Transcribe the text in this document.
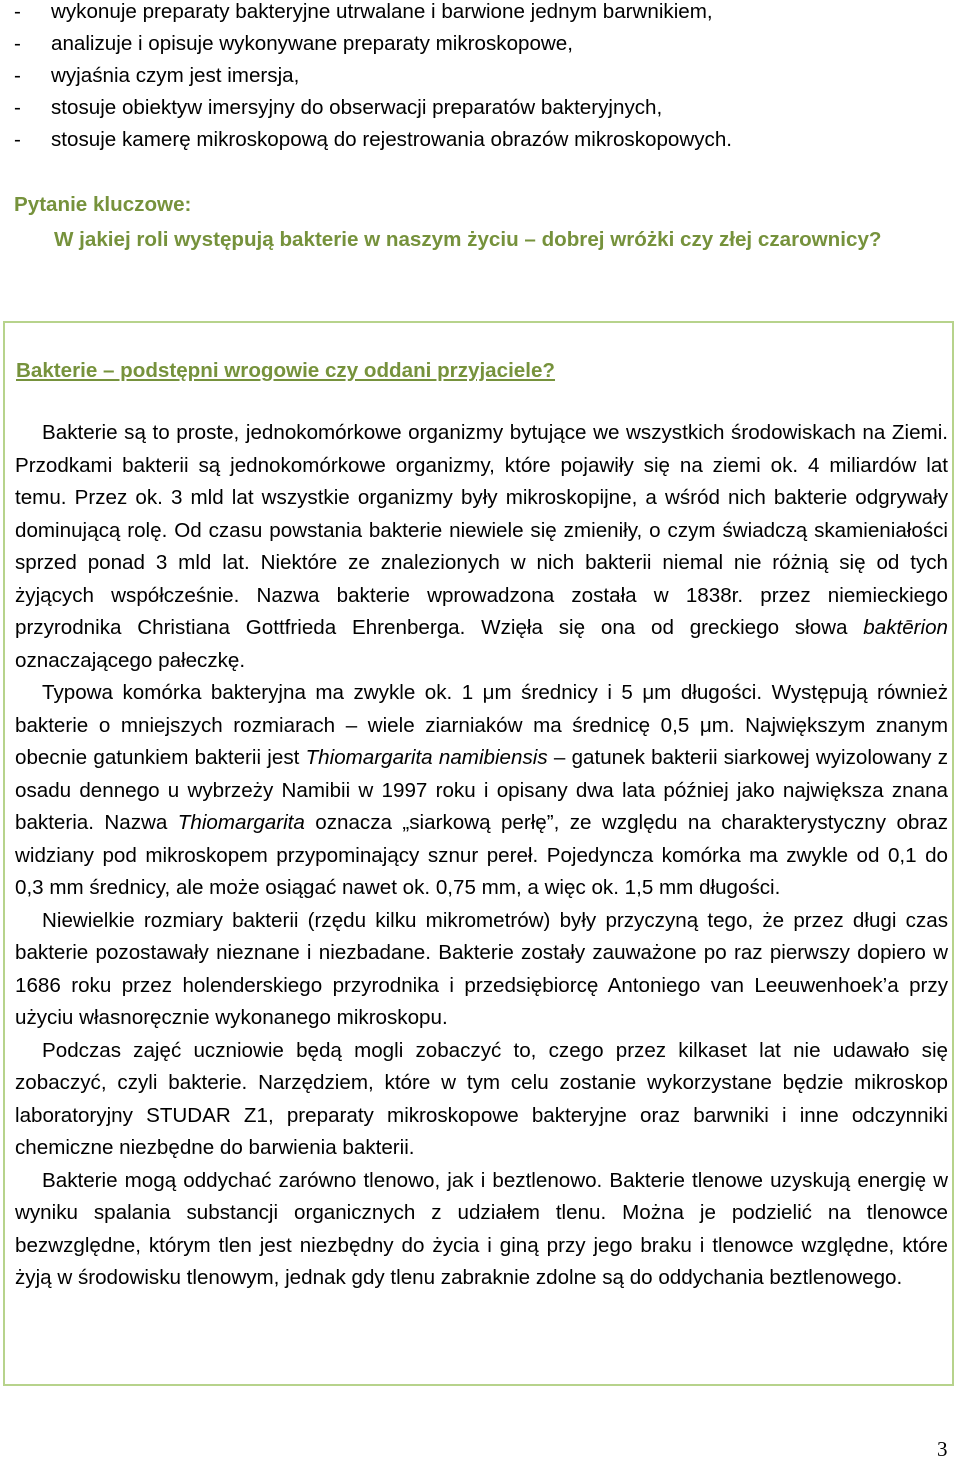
- wykonuje preparaty bakteryjne utrwalane i barwione jednym barwnikiem,
- analizuje i opisuje wykonywane preparaty mikroskopowe,
- wyjaśnia czym jest imersja,
- stosuje obiektyw imersyjny do obserwacji preparatów bakteryjnych,
- stosuje kamerę mikroskopową do rejestrowania obrazów mikroskopowych.
Pytanie kluczowe:

W jakiej roli występują bakterie w naszym życiu – dobrej wróżki czy złej czarownicy?

Bakterie – podstępni wrogowie czy oddani przyjaciele?

Bakterie są to proste, jednokomórkowe organizmy bytujące we wszystkich środowiskach na Ziemi. Przodkami bakterii są jednokomórkowe organizmy, które pojawiły się na ziemi ok. 4 miliardów lat temu. Przez ok. 3 mld lat wszystkie organizmy były mikroskopijne, a wśród nich bakterie odgrywały dominującą rolę. Od czasu powstania bakterie niewiele się zmieniły, o czym świadczą skamieniałości sprzed ponad 3 mld lat. Niektóre ze znalezionych w nich bakterii niemal nie różnią się od tych żyjących współcześnie. Nazwa bakterie wprowadzona została w 1838r. przez niemieckiego przyrodnika Christiana Gottfrieda Ehrenberga. Wzięła się ona od greckiego słowa baktērion oznaczającego pałeczkę.

Typowa komórka bakteryjna ma zwykle ok. 1 μm średnicy i 5 μm długości. Występują również bakterie o mniejszych rozmiarach – wiele ziarniaków ma średnicę 0,5 μm. Największym znanym obecnie gatunkiem bakterii jest Thiomargarita namibiensis – gatunek bakterii siarkowej wyizolowany z osadu dennego u wybrzeży Namibii w 1997 roku i opisany dwa lata później jako największa znana bakteria. Nazwa Thiomargarita oznacza „siarkową perłę”, ze względu na charakterystyczny obraz widziany pod mikroskopem przypominający sznur pereł. Pojedyncza komórka ma zwykle od 0,1 do 0,3 mm średnicy, ale może osiągać nawet ok. 0,75 mm, a więc ok. 1,5 mm długości.

Niewielkie rozmiary bakterii (rzędu kilku mikrometrów) były przyczyną tego, że przez długi czas bakterie pozostawały nieznane i niezbadane. Bakterie zostały zauważone po raz pierwszy dopiero w 1686 roku przez holenderskiego przyrodnika i przedsiębiorcę Antoniego van Leeuwenhoek’a przy użyciu własnoręcznie wykonanego mikroskopu.

Podczas zajęć uczniowie będą mogli zobaczyć to, czego przez kilkaset lat nie udawało się zobaczyć, czyli bakterie. Narzędziem, które w tym celu zostanie wykorzystane będzie mikroskop laboratoryjny STUDAR Z1, preparaty mikroskopowe bakteryjne oraz barwniki i inne odczynniki chemiczne niezbędne do barwienia bakterii.

Bakterie mogą oddychać zarówno tlenowo, jak i beztlenowo. Bakterie tlenowe uzyskują energię w wyniku spalania substancji organicznych z udziałem tlenu. Można je podzielić na tlenowce bezwzględne, którym tlen jest niezbędny do życia i giną przy jego braku i tlenowce względne, które żyją w środowisku tlenowym, jednak gdy tlenu zabraknie zdolne są do oddychania beztlenowego.

3
